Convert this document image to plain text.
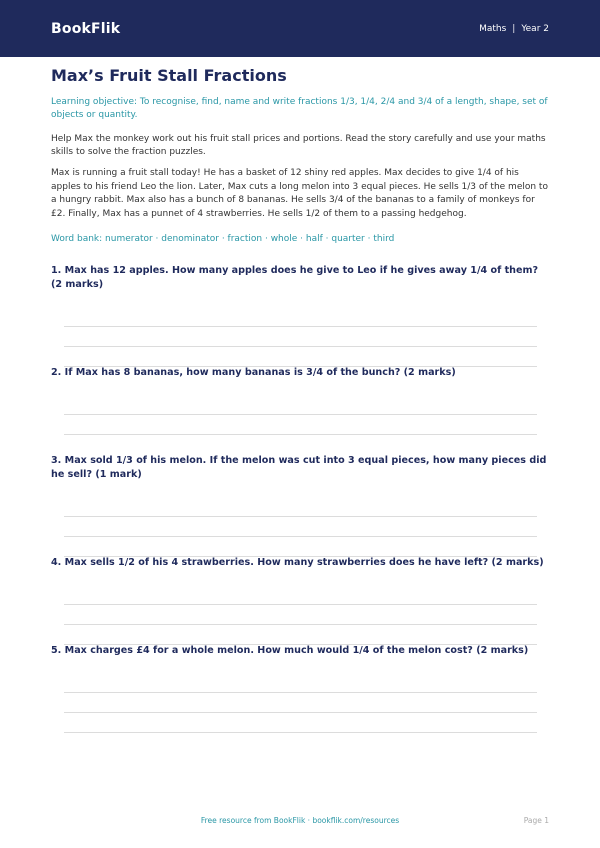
BookFlik	Maths | Year 2
Max’s Fruit Stall Fractions
Learning objective: To recognise, find, name and write fractions 1/3, 1/4, 2/4 and 3/4 of a length, shape, set of objects or quantity.
Help Max the monkey work out his fruit stall prices and portions. Read the story carefully and use your maths skills to solve the fraction puzzles.
Max is running a fruit stall today! He has a basket of 12 shiny red apples. Max decides to give 1/4 of his apples to his friend Leo the lion. Later, Max cuts a long melon into 3 equal pieces. He sells 1/3 of the melon to a hungry rabbit. Max also has a bunch of 8 bananas. He sells 3/4 of the bananas to a family of monkeys for £2. Finally, Max has a punnet of 4 strawberries. He sells 1/2 of them to a passing hedgehog.
Word bank: numerator · denominator · fraction · whole · half · quarter · third
1. Max has 12 apples. How many apples does he give to Leo if he gives away 1/4 of them? (2 marks)
2. If Max has 8 bananas, how many bananas is 3/4 of the bunch? (2 marks)
3. Max sold 1/3 of his melon. If the melon was cut into 3 equal pieces, how many pieces did he sell? (1 mark)
4. Max sells 1/2 of his 4 strawberries. How many strawberries does he have left? (2 marks)
5. Max charges £4 for a whole melon. How much would 1/4 of the melon cost? (2 marks)
Free resource from BookFlik · bookflik.com/resources	Page 1
